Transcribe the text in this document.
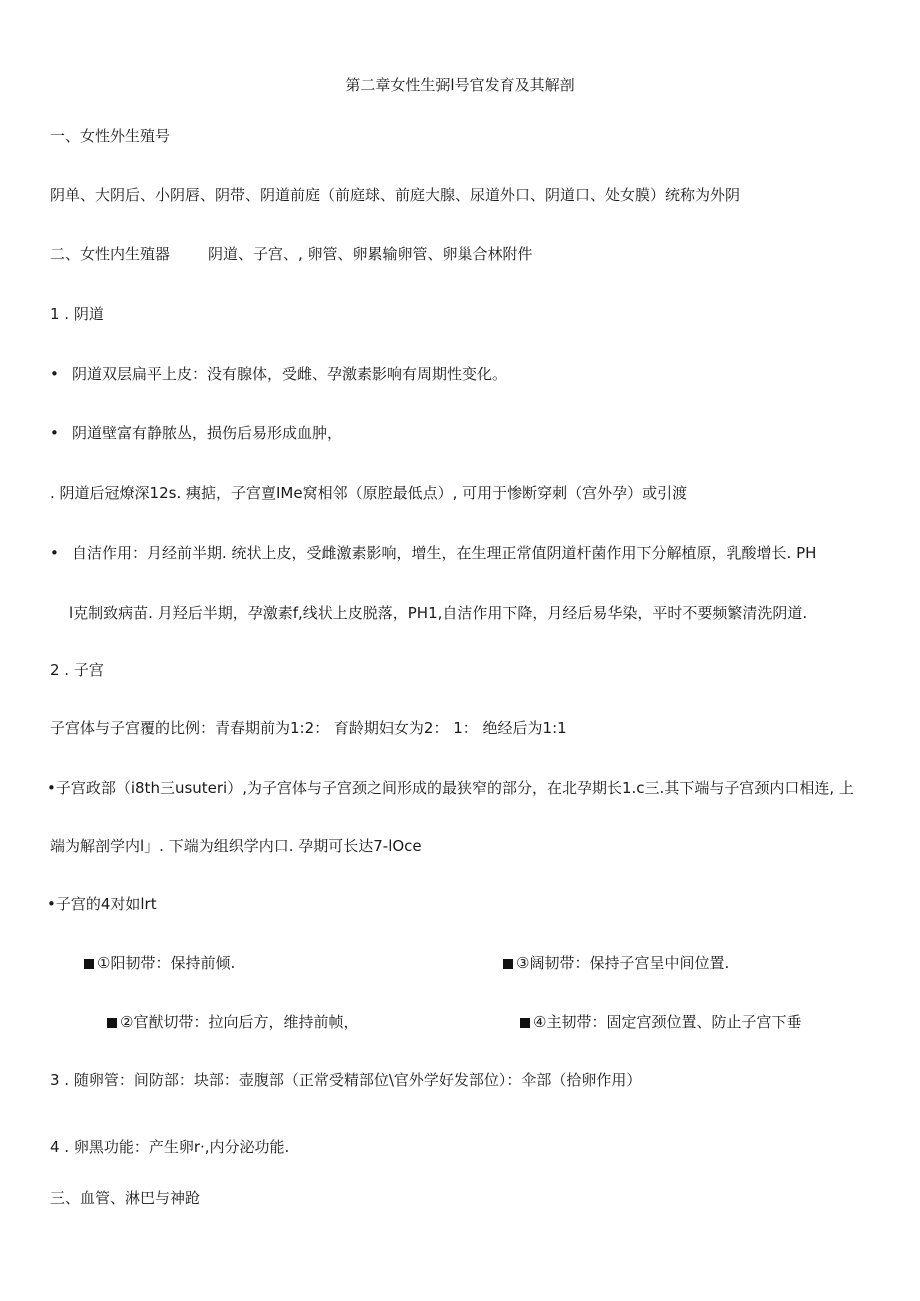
第二章女性生弼l号官发育及其解剖
一、女性外生殖号
阴单、大阴后、小阴唇、阴带、阴道前庭（前庭球、前庭大腺、尿道外口、阴道口、处女膜）统称为外阴
二、女性内生殖器	阴道、子宫、, 卵管、卵累输卵管、卵巢合林附件
1 . 阴道
• 阴道双层扁平上皮：没有腺体，受雌、孕激素影响有周期性变化。
• 阴道壁富有静脓丛，损伤后易形成血肿，
. 阴道后冠燎深12s. 痍掂，子宫亶IMe窝相邻（原腔最低点）, 可用于惨断穿刺（宫外孕）或引渡
• 自洁作用：月经前半期. 统状上皮，受雌激素影响，增生，在生理正常值阴道杆菌作用下分解植原，乳酸增长. PH
l克制致病苗. 月羟后半期，孕激素f,线状上皮脱落，PH1,自洁作用下降，月经后易华染，平时不要频繁清洗阴道.
2 . 子宫
子宫体与子宫覆的比例：青春期前为1:2： 育龄期妇女为2： 1： 绝经后为1:1
•子宫政部（i8th三usuteri）,为子宫体与子宫颈之间形成的最狭窄的部分，在北孕期长1.c三.其下端与子宫颈内口相连, 上
端为解剖学内l」. 下端为组织学内口. 孕期可长达7-lOce
•子宫的4对如lrt
①阳韧带：保持前倾.	③阔韧带：保持子宫呈中间位置.
②官猷切带：拉向后方，维持前帧，	④主韧带：固定宫颈位置、防止子宫下垂
3 . 随卵管：间防部：块部：壶腹部（正常受精部位\官外学好发部位）：伞部（拾卵作用）
4 . 卵黑功能：产生卵r·,内分泌功能.
三、血管、淋巴与神跄
